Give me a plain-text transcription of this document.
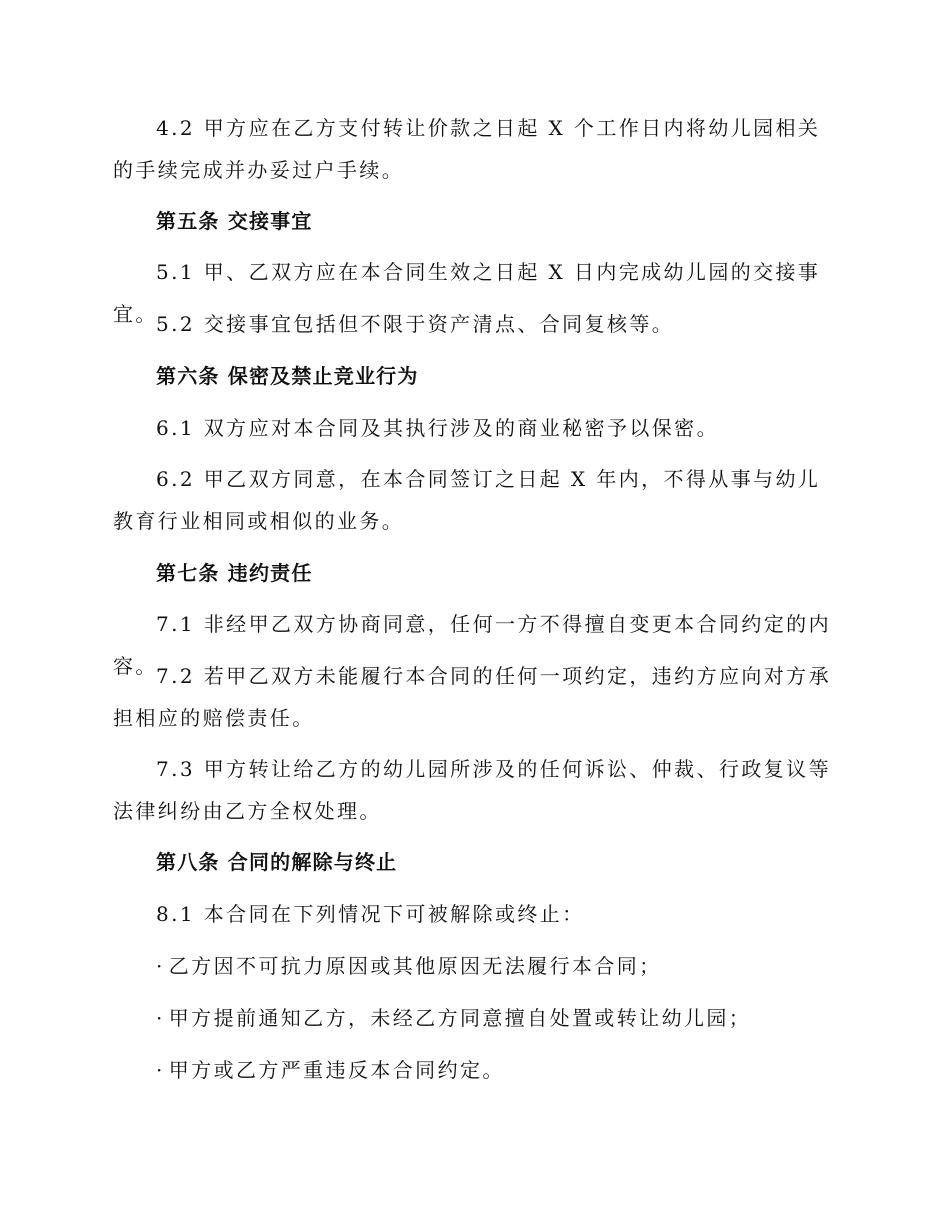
4.2 甲方应在乙方支付转让价款之日起 X 个工作日内将幼儿园相关的手续完成并办妥过户手续。

第五条 交接事宜

5.1 甲、乙双方应在本合同生效之日起 X 日内完成幼儿园的交接事宜。

5.2 交接事宜包括但不限于资产清点、合同复核等。

第六条 保密及禁止竞业行为

6.1 双方应对本合同及其执行涉及的商业秘密予以保密。

6.2 甲乙双方同意，在本合同签订之日起 X 年内，不得从事与幼儿教育行业相同或相似的业务。

第七条 违约责任

7.1 非经甲乙双方协商同意，任何一方不得擅自变更本合同约定的内容。

7.2 若甲乙双方未能履行本合同的任何一项约定，违约方应向对方承担相应的赔偿责任。

7.3 甲方转让给乙方的幼儿园所涉及的任何诉讼、仲裁、行政复议等法律纠纷由乙方全权处理。

第八条 合同的解除与终止

8.1 本合同在下列情况下可被解除或终止：

· 乙方因不可抗力原因或其他原因无法履行本合同；

· 甲方提前通知乙方，未经乙方同意擅自处置或转让幼儿园；

· 甲方或乙方严重违反本合同约定。
